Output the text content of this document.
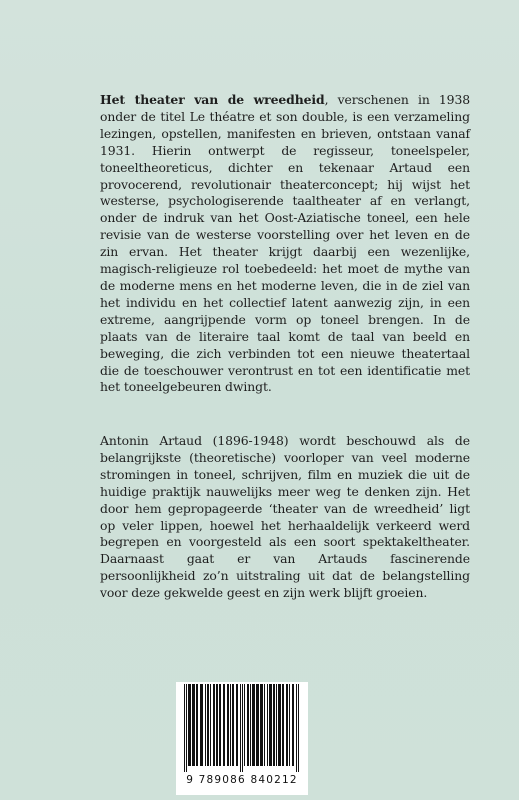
Het theater van de wreedheid, verschenen in 1938 onder de titel Le théatre et son double, is een verzameling lezingen, opstellen, manifesten en brieven, ontstaan vanaf 1931. Hierin ontwerpt de regisseur, toneelspeler, toneeltheoreticus, dichter en tekenaar Artaud een provocerend, revolutionair theaterconcept; hij wijst het westerse, psychologiserende taaltheater af en verlangt, onder de indruk van het Oost-Aziatische toneel, een hele revisie van de westerse voorstelling over het leven en de zin ervan. Het theater krijgt daarbij een wezenlijke, magisch-religieuze rol toebedeeld: het moet de mythe van de moderne mens en het moderne leven, die in de ziel van het individu en het collectief latent aanwezig zijn, in een extreme, aangrijpende vorm op toneel brengen. In de plaats van de literaire taal komt de taal van beeld en beweging, die zich verbinden tot een nieuwe theatertaal die de toeschouwer verontrust en tot een identificatie met het toneelgebeuren dwingt.

Antonin Artaud (1896-1948) wordt beschouwd als de belangrijkste (theoretische) voorloper van veel moderne stromingen in toneel, schrijven, film en muziek die uit de huidige praktijk nauwelijks meer weg te denken zijn. Het door hem gepropageerde ‘theater van de wreedheid’ ligt op veler lippen, hoewel het herhaaldelijk verkeerd werd begrepen en voorgesteld als een soort spektakeltheater. Daarnaast gaat er van Artauds fascinerende persoonlijkheid zo’n uitstraling uit dat de belangstelling voor deze gekwelde geest en zijn werk blijft groeien.

9 789086 840212
